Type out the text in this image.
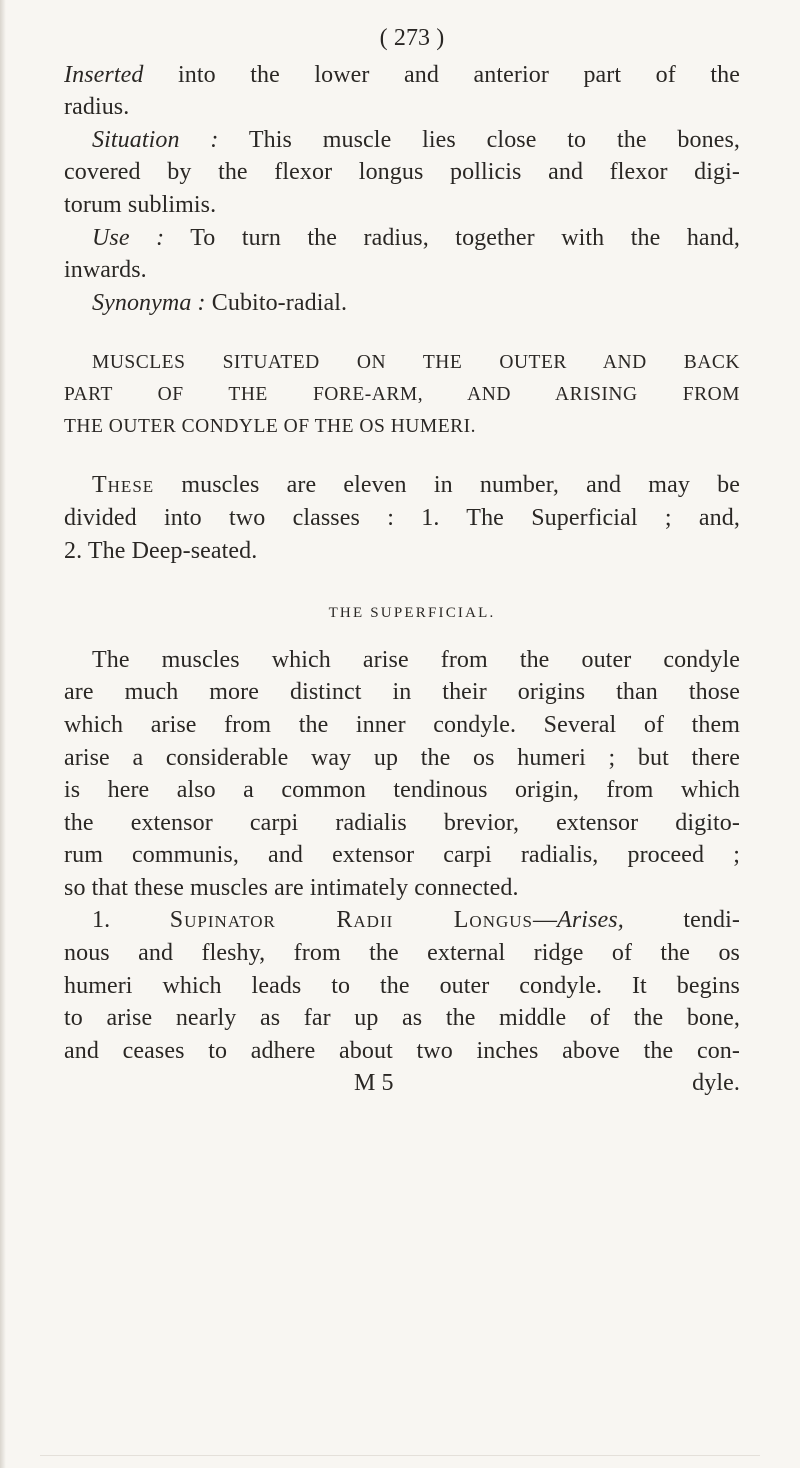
( 273 )
Inserted into the lower and anterior part of the
radius.
Situation : This muscle lies close to the bones,
covered by the flexor longus pollicis and flexor digi-
torum sublimis.
Use : To turn the radius, together with the hand,
inwards.
Synonyma : Cubito-radial.
MUSCLES SITUATED ON THE OUTER AND BACK
PART OF THE FORE-ARM, AND ARISING FROM
THE OUTER CONDYLE OF THE OS HUMERI.
These muscles are eleven in number, and may be
divided into two classes : 1. The Superficial ; and,
2. The Deep-seated.
THE SUPERFICIAL.
The muscles which arise from the outer condyle
are much more distinct in their origins than those
which arise from the inner condyle. Several of them
arise a considerable way up the os humeri ; but there
is here also a common tendinous origin, from which
the extensor carpi radialis brevior, extensor digito-
rum communis, and extensor carpi radialis, proceed ;
so that these muscles are intimately connected.
1. Supinator Radii Longus—Arises, tendi-
nous and fleshy, from the external ridge of the os
humeri which leads to the outer condyle. It begins
to arise nearly as far up as the middle of the bone,
and ceases to adhere about two inches above the con-
M 5	dyle.
